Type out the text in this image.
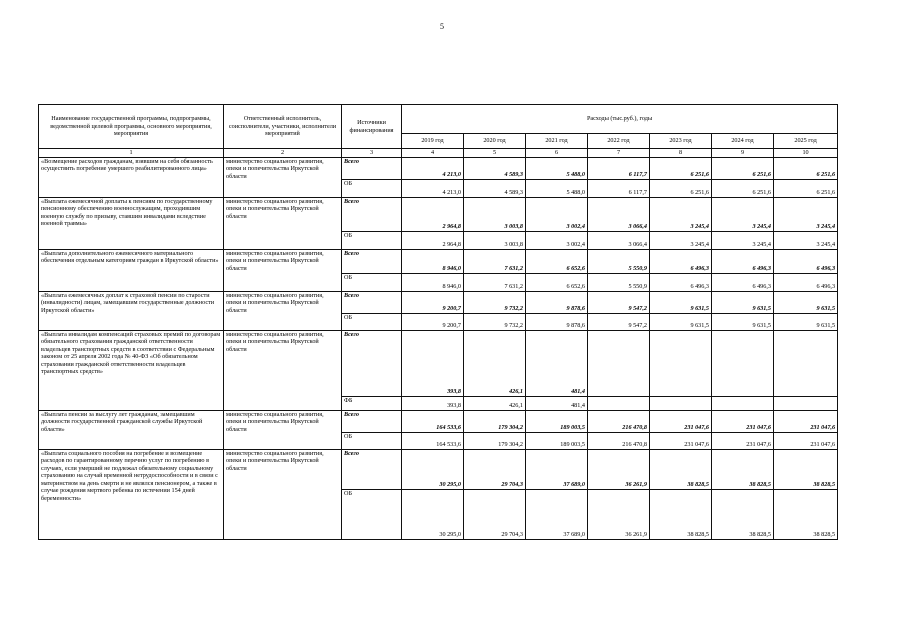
5
Наименование государственной программы, подпрограммы, ведомственной целевой программы, основного мероприятия, мероприятия	Ответственный исполнитель, соисполнители, участники, исполнители мероприятий	Источники финансирования	Расходы (тыс.руб.), годы						
			2019 год	2020 год	2021 год	2022 год	2023 год	2024 год	2025 год
1	2	3	4	5	6	7	8	9	10
«Возмещение расходов гражданам, взявшим на себя обязанность осуществить погребение умершего реабилитированного лица»	министерство социального развития, опеки и попечительства Иркутской области	Всего	4 213,0	4 589,3	5 488,0	6 117,7	6 251,6	6 251,6	6 251,6
		ОБ	4 213,0	4 589,3	5 488,0	6 117,7	6 251,6	6 251,6	6 251,6
«Выплата ежемесячной доплаты к пенсиям по государственному пенсионному обеспечению военнослужащим, проходившим военную службу по призыву, ставшим инвалидами вследствие военной травмы»	министерство социального развития, опеки и попечительства Иркутской области	Всего	2 964,8	3 003,8	3 002,4	3 066,4	3 245,4	3 245,4	3 245,4
		ОБ	2 964,8	3 003,8	3 002,4	3 066,4	3 245,4	3 245,4	3 245,4
«Выплата дополнительного ежемесячного материального обеспечения отдельным категориям граждан в Иркутской области»	министерство социального развития, опеки и попечительства Иркутской области	Всего	8 946,0	7 631,2	6 652,6	5 550,9	6 496,3	6 496,3	6 496,3
		ОБ	8 946,0	7 631,2	6 652,6	5 550,9	6 496,3	6 496,3	6 496,3
«Выплата ежемесячных доплат к страховой пенсии по старости (инвалидности) лицам, замещавшим государственные должности Иркутской области»	министерство социального развития, опеки и попечительства Иркутской области	Всего	9 200,7	9 732,2	9 878,6	9 547,2	9 631,5	9 631,5	9 631,5
		ОБ	9 200,7	9 732,2	9 878,6	9 547,2	9 631,5	9 631,5	9 631,5
«Выплата инвалидам компенсаций страховых премий по договорам обязательного страхования гражданской ответственности владельцев транспортных средств в соответствии с Федеральным законом от 25 апреля 2002 года № 40-ФЗ «Об обязательном страховании гражданской ответственности владельцев транспортных средств»	министерство социального развития, опеки и попечительства Иркутской области	Всего	393,8	426,1	481,4				
		ФБ	393,8	426,1	481,4				
«Выплата пенсии за выслугу лет гражданам, замещавшим должности государственной гражданской службы Иркутской области»	министерство социального развития, опеки и попечительства Иркутской области	Всего	164 533,6	179 304,2	189 003,5	216 470,8	231 047,6	231 047,6	231 047,6
		ОБ	164 533,6	179 304,2	189 003,5	216 470,8	231 047,6	231 047,6	231 047,6
«Выплата социального пособия на погребение и возмещение расходов по гарантированному перечню услуг по погребению в случаях, если умерший не подлежал обязательному социальному страхованию на случай временной нетрудоспособности и в связи с материнством на день смерти и не являлся пенсионером, а также в случае рождения мертвого ребенка по истечении 154 дней беременности»	министерство социального развития, опеки и попечительства Иркутской области	Всего	30 295,0	29 704,3	37 689,0	36 261,9	38 828,5	38 828,5	38 828,5
		ОБ	30 295,0	29 704,3	37 689,0	36 261,9	38 828,5	38 828,5	38 828,5
